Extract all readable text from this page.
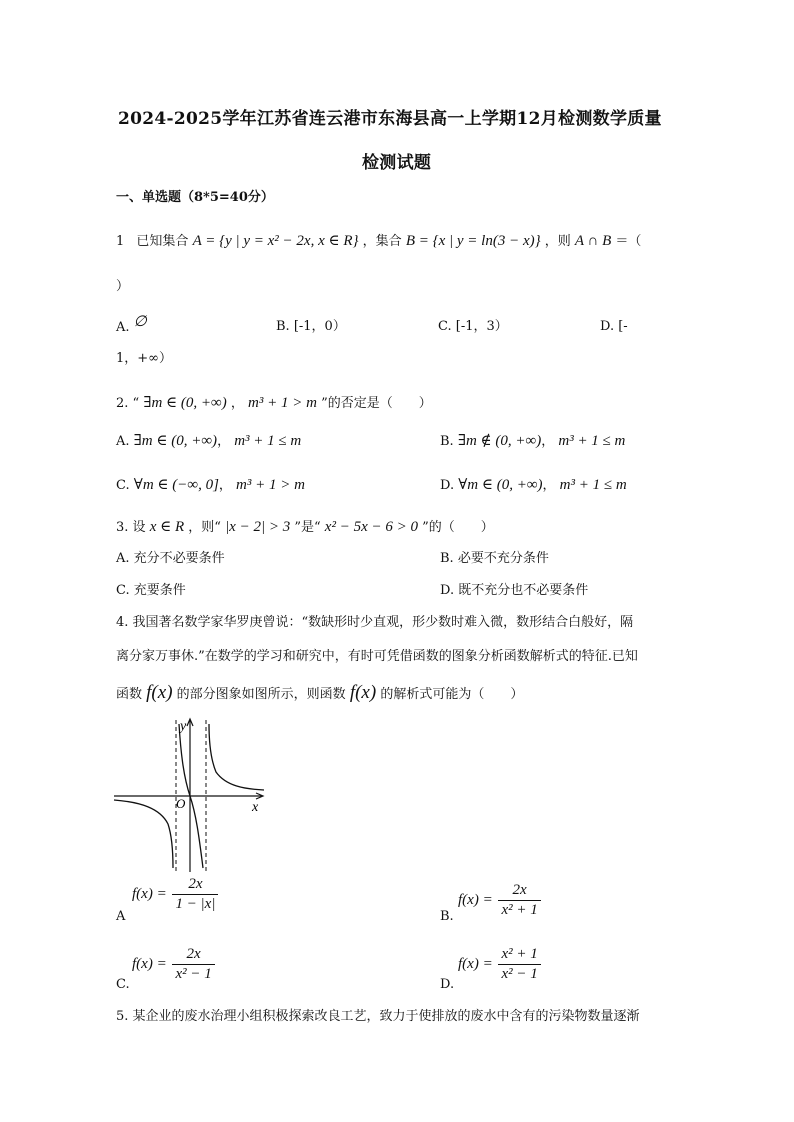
2024-2025学年江苏省连云港市东海县高一上学期12月检测数学质量
检测试题
一、单选题（8*5=40分）
1 已知集合 A = {y | y = x² − 2x, x ∈ R} ，集合 B = {x | y = ln(3 − x)} ，则 A ∩ B ＝（
）
A. ∅	B. [-1，0）	C. [-1，3）	D. [-
1，+∞）
2. “ ∃m ∈ (0, +∞) ， m³ + 1 > m ”的否定是（　　）
A. ∃m ∈ (0, +∞)， m³ + 1 ≤ m	B. ∃m ∉ (0, +∞)， m³ + 1 ≤ m
C. ∀m ∈ (−∞, 0]， m³ + 1 > m	D. ∀m ∈ (0, +∞)， m³ + 1 ≤ m
3. 设 x ∈ R ，则“ |x − 2| > 3 ”是“ x² − 5x − 6 > 0 ”的（　　）
A. 充分不必要条件	B. 必要不充分条件
C. 充要条件	D. 既不充分也不必要条件
4. 我国著名数学家华罗庚曾说：“数缺形时少直观，形少数时难入微，数形结合白般好，隔
离分家万事休.”在数学的学习和研究中，有时可凭借函数的图象分析函数解析式的特征.已知
函数 f(x) 的部分图象如图所示，则函数 f(x) 的解析式可能为（　　）
y
x
O
A
$f(x) = \frac{2x}{1 - |x|}$
B.
$f(x) = \frac{2x}{\text{x² + 1}}$
C.
$f(x) = \frac{2x}{\text{x² − 1}}$
D.
$f(x) = \frac{\text{x² + 1}}{\text{x² − 1}}$
5. 某企业的废水治理小组积极探索改良工艺，致力于使排放的废水中含有的污染物数量逐渐
